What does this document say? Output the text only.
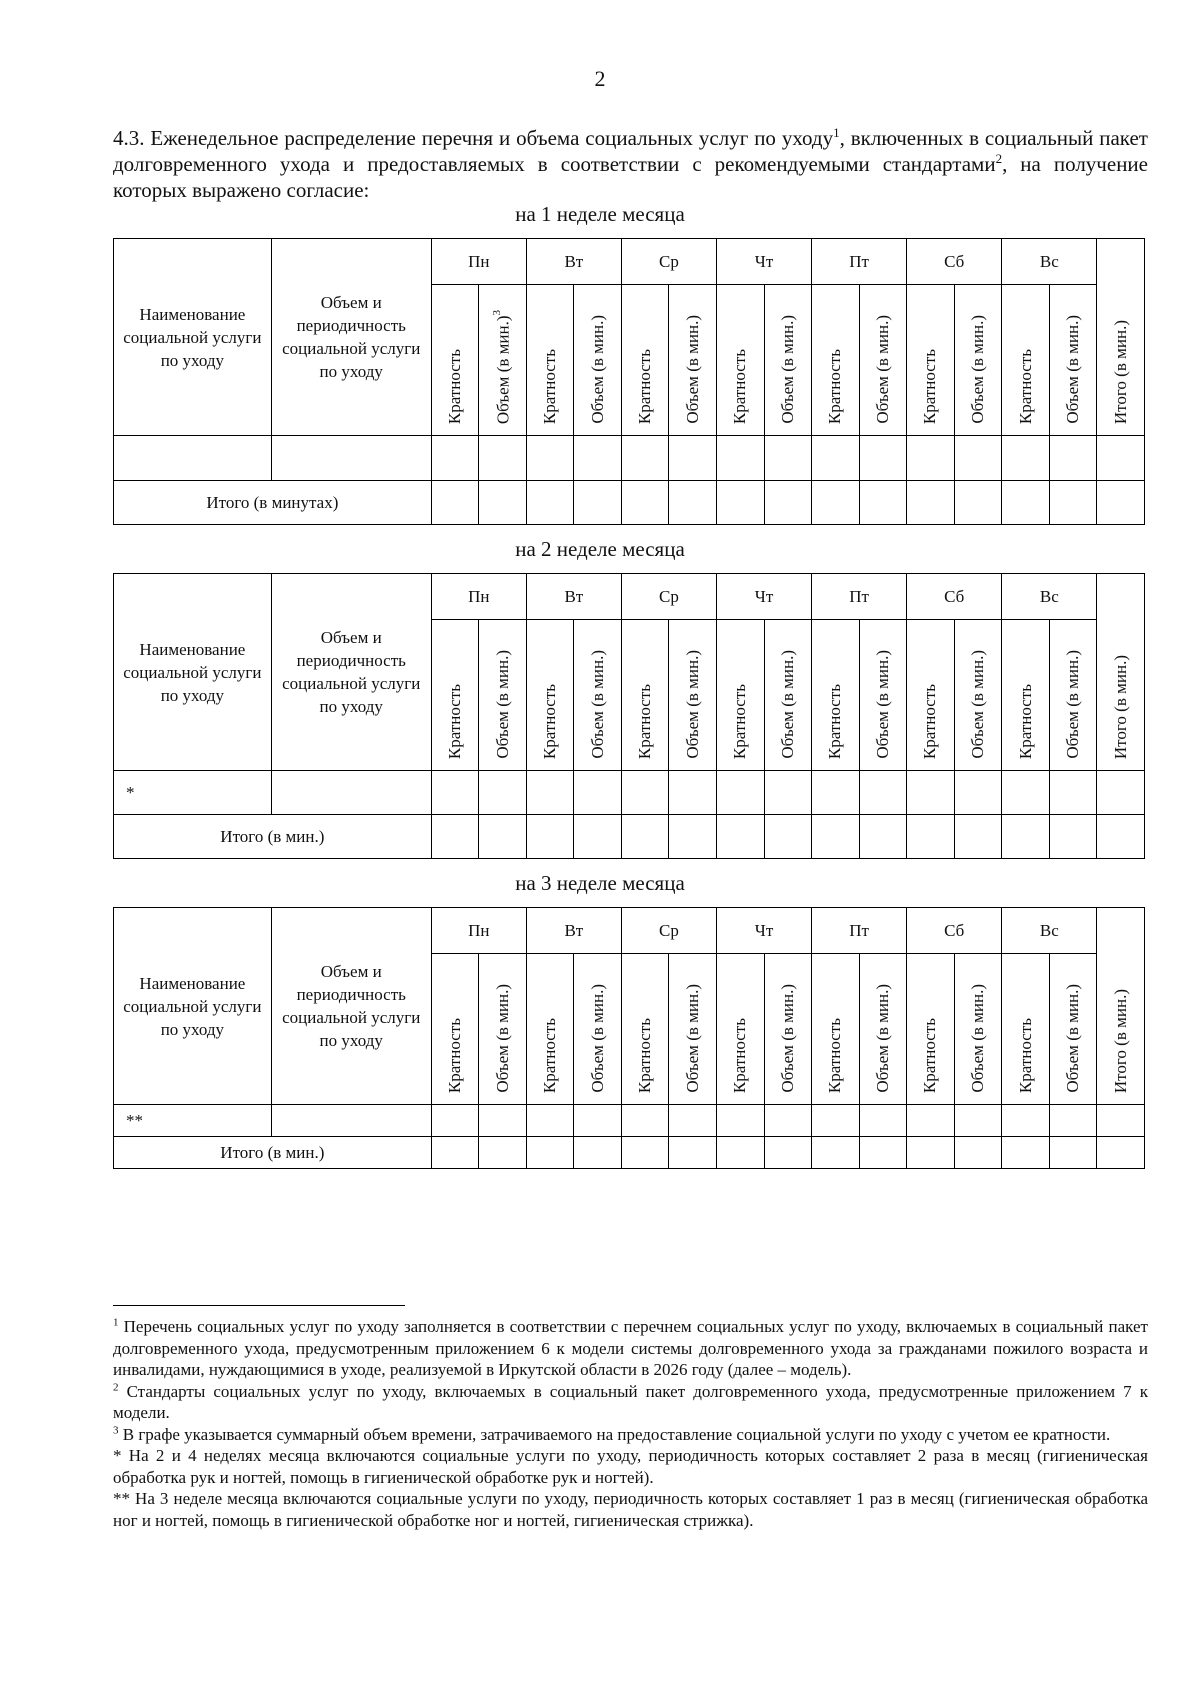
2
4.3. Еженедельное распределение перечня и объема социальных услуг по уходу$^1$, включенных в социальный пакет долговременного ухода и предоставляемых в соответствии с рекомендуемыми стандартами$^2$, на получение которых выражено согласие:
на 1 неделе месяца
Наименование социальной услуги по уходу	Объем и периодичность социальной услуги по уходу	Пн		Вт		Ср		Чт		Пт		Сб		Вс		Итого (в мин.)
		Кратность	Объем (в мин.)$^3$	Кратность	Объем (в мин.)	Кратность	Объем (в мин.)	Кратность	Объем (в мин.)	Кратность	Объем (в мин.)	Кратность	Объем (в мин.)	Кратность	Объем (в мин.)	

Итого (в минутах)																
на 2 неделе месяца
Наименование социальной услуги по уходу	Объем и периодичность социальной услуги по уходу	Пн		Вт		Ср		Чт		Пт		Сб		Вс		Итого (в мин.)
		Кратность	Объем (в мин.)	Кратность	Объем (в мин.)	Кратность	Объем (в мин.)	Кратность	Объем (в мин.)	Кратность	Объем (в мин.)	Кратность	Объем (в мин.)	Кратность	Объем (в мин.)	
*																
Итого (в мин.)																
на 3 неделе месяца
Наименование социальной услуги по уходу	Объем и периодичность социальной услуги по уходу	Пн		Вт		Ср		Чт		Пт		Сб		Вс		Итого (в мин.)
		Кратность	Объем (в мин.)	Кратность	Объем (в мин.)	Кратность	Объем (в мин.)	Кратность	Объем (в мин.)	Кратность	Объем (в мин.)	Кратность	Объем (в мин.)	Кратность	Объем (в мин.)	
**																
Итого (в мин.)																

$^1$ Перечень социальных услуг по уходу заполняется в соответствии с перечнем социальных услуг по уходу, включаемых в социальный пакет долговременного ухода, предусмотренным приложением 6 к модели системы долговременного ухода за гражданами пожилого возраста и инвалидами, нуждающимися в уходе, реализуемой в Иркутской области в 2026 году (далее – модель).

$^2$ Стандарты социальных услуг по уходу, включаемых в социальный пакет долговременного ухода, предусмотренные приложением 7 к модели.

$^3$ В графе указывается суммарный объем времени, затрачиваемого на предоставление социальной услуги по уходу с учетом ее кратности.

* На 2 и 4 неделях месяца включаются социальные услуги по уходу, периодичность которых составляет 2 раза в месяц (гигиеническая обработка рук и ногтей, помощь в гигиенической обработке рук и ногтей).

** На 3 неделе месяца включаются социальные услуги по уходу, периодичность которых составляет 1 раз в месяц (гигиеническая обработка ног и ногтей, помощь в гигиенической обработке ног и ногтей, гигиеническая стрижка).
